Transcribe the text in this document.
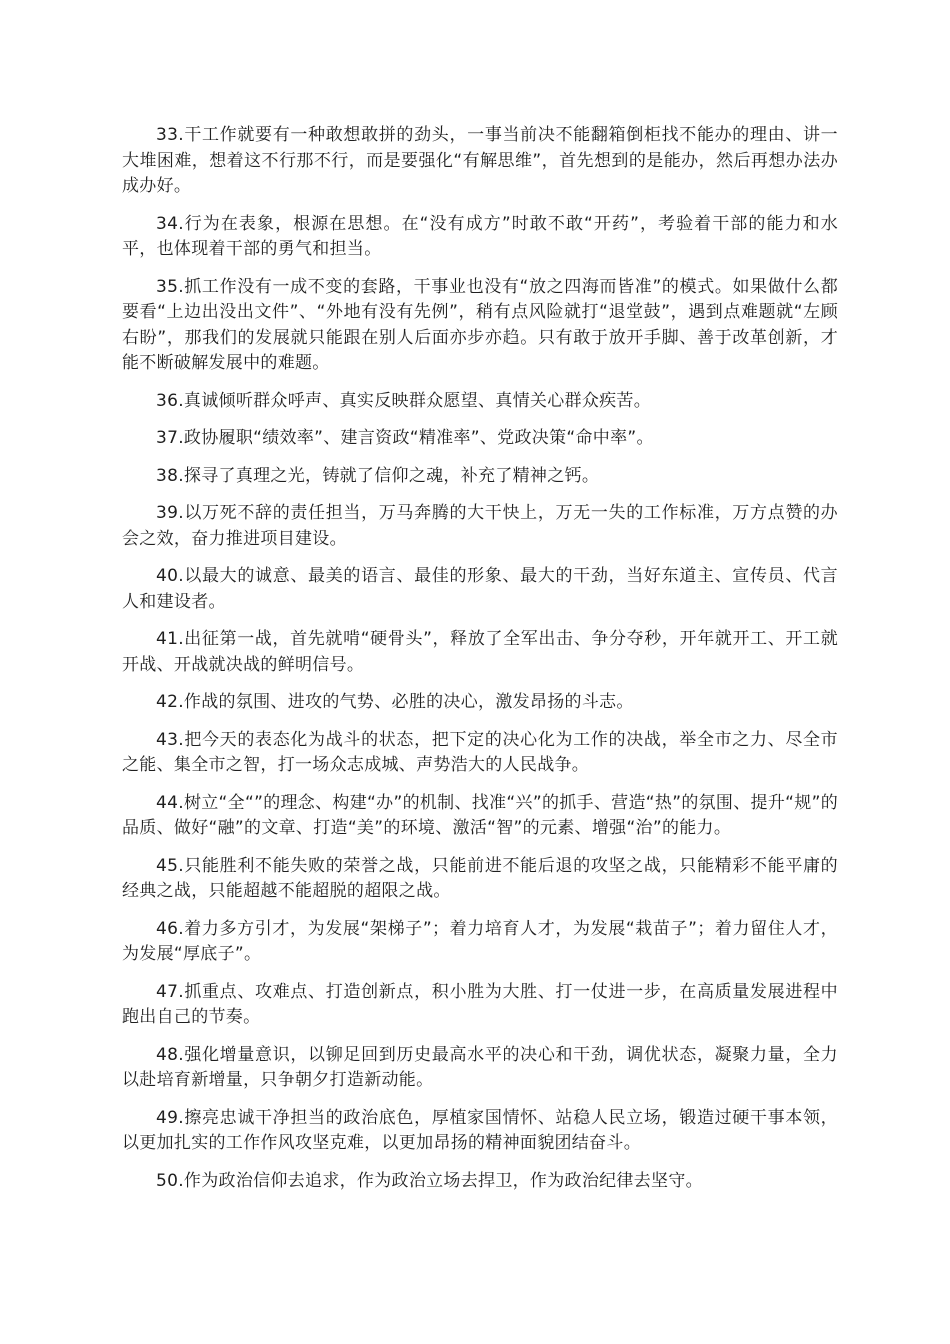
33.干工作就要有一种敢想敢拼的劲头，一事当前决不能翻箱倒柜找不能办的理由、讲一大堆困难，想着这不行那不行，而是要强化“有解思维”，首先想到的是能办，然后再想办法办成办好。

34.行为在表象，根源在思想。在“没有成方”时敢不敢“开药”，考验着干部的能力和水平，也体现着干部的勇气和担当。

35.抓工作没有一成不变的套路，干事业也没有“放之四海而皆准”的模式。如果做什么都要看“上边出没出文件”、“外地有没有先例”，稍有点风险就打“退堂鼓”，遇到点难题就“左顾右盼”，那我们的发展就只能跟在别人后面亦步亦趋。只有敢于放开手脚、善于改革创新，才能不断破解发展中的难题。

36.真诚倾听群众呼声、真实反映群众愿望、真情关心群众疾苦。

37.政协履职“绩效率”、建言资政“精准率”、党政决策“命中率”。

38.探寻了真理之光，铸就了信仰之魂，补充了精神之钙。

39.以万死不辞的责任担当，万马奔腾的大干快上，万无一失的工作标准，万方点赞的办会之效，奋力推进项目建设。

40.以最大的诚意、最美的语言、最佳的形象、最大的干劲，当好东道主、宣传员、代言人和建设者。

41.出征第一战，首先就啃“硬骨头”，释放了全军出击、争分夺秒，开年就开工、开工就开战、开战就决战的鲜明信号。

42.作战的氛围、进攻的气势、必胜的决心，激发昂扬的斗志。

43.把今天的表态化为战斗的状态，把下定的决心化为工作的决战，举全市之力、尽全市之能、集全市之智，打一场众志成城、声势浩大的人民战争。

44.树立“全“”的理念、构建“办”的机制、找准“兴”的抓手、营造“热”的氛围、提升“规”的品质、做好“融”的文章、打造“美”的环境、激活“智”的元素、增强“治”的能力。

45.只能胜利不能失败的荣誉之战，只能前进不能后退的攻坚之战，只能精彩不能平庸的经典之战，只能超越不能超脱的超限之战。

46.着力多方引才，为发展“架梯子”；着力培育人才，为发展“栽苗子”；着力留住人才，为发展“厚底子”。

47.抓重点、攻难点、打造创新点，积小胜为大胜、打一仗进一步，在高质量发展进程中跑出自己的节奏。

48.强化增量意识，以铆足回到历史最高水平的决心和干劲，调优状态，凝聚力量，全力以赴培育新增量，只争朝夕打造新动能。

49.擦亮忠诚干净担当的政治底色，厚植家国情怀、站稳人民立场，锻造过硬干事本领，以更加扎实的工作作风攻坚克难，以更加昂扬的精神面貌团结奋斗。

50.作为政治信仰去追求，作为政治立场去捍卫，作为政治纪律去坚守。
